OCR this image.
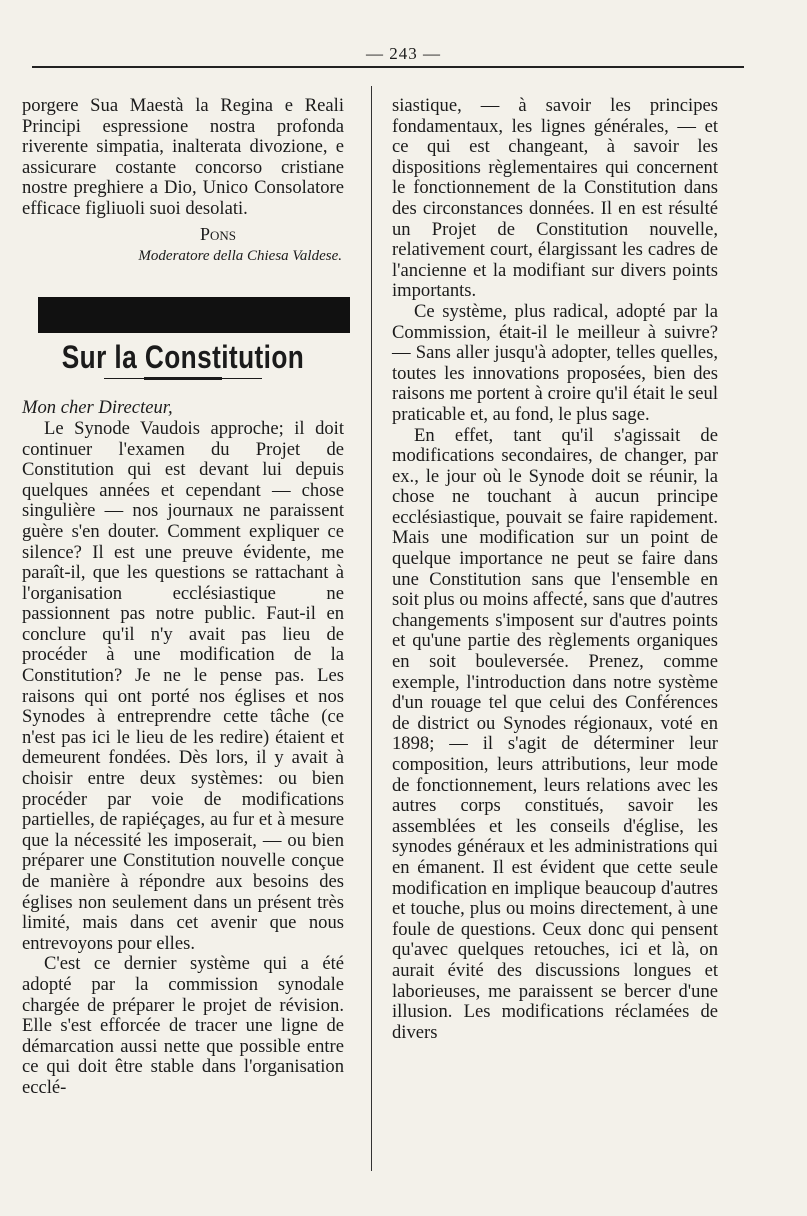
— 243 —

porgere Sua Maestà la Regina e Reali Principi espressione nostra profonda riverente simpatia, inalterata divozione, e assicurare costante concorso cristiane nostre preghiere a Dio, Unico Consolatore efficace figliuoli suoi desolati.

Pons
Moderatore della Chiesa Valdese.
Sur la Constitution

Mon cher Directeur,

Le Synode Vaudois approche; il doit continuer l'examen du Projet de Constitution qui est devant lui depuis quelques années et cependant — chose singulière — nos journaux ne paraissent guère s'en douter. Comment expliquer ce silence? Il est une preuve évidente, me paraît-il, que les questions se rattachant à l'organisation ecclésiastique ne passionnent pas notre public. Faut-il en conclure qu'il n'y avait pas lieu de procéder à une modification de la Constitution? Je ne le pense pas. Les raisons qui ont porté nos églises et nos Synodes à entreprendre cette tâche (ce n'est pas ici le lieu de les redire) étaient et demeurent fondées. Dès lors, il y avait à choisir entre deux systèmes: ou bien procéder par voie de modifications partielles, de rapiéçages, au fur et à mesure que la nécessité les imposerait, — ou bien préparer une Constitution nouvelle conçue de manière à répondre aux besoins des églises non seulement dans un présent très limité, mais dans cet avenir que nous entrevoyons pour elles.

C'est ce dernier système qui a été adopté par la commission synodale chargée de préparer le projet de révision. Elle s'est efforcée de tracer une ligne de démarcation aussi nette que possible entre ce qui doit être stable dans l'organisation ecclé-

siastique, — à savoir les principes fondamentaux, les lignes générales, — et ce qui est changeant, à savoir les dispositions règlementaires qui concernent le fonctionnement de la Constitution dans des circonstances données. Il en est résulté un Projet de Constitution nouvelle, relativement court, élargissant les cadres de l'ancienne et la modifiant sur divers points importants.

Ce système, plus radical, adopté par la Commission, était-il le meilleur à suivre? — Sans aller jusqu'à adopter, telles quelles, toutes les innovations proposées, bien des raisons me portent à croire qu'il était le seul praticable et, au fond, le plus sage.

En effet, tant qu'il s'agissait de modifications secondaires, de changer, par ex., le jour où le Synode doit se réunir, la chose ne touchant à aucun principe ecclésiastique, pouvait se faire rapidement. Mais une modification sur un point de quelque importance ne peut se faire dans une Constitution sans que l'ensemble en soit plus ou moins affecté, sans que d'autres changements s'imposent sur d'autres points et qu'une partie des règlements organiques en soit bouleversée. Prenez, comme exemple, l'introduction dans notre système d'un rouage tel que celui des Conférences de district ou Synodes régionaux, voté en 1898; — il s'agit de déterminer leur composition, leurs attributions, leur mode de fonctionnement, leurs relations avec les autres corps constitués, savoir les assemblées et les conseils d'église, les synodes généraux et les administrations qui en émanent. Il est évident que cette seule modification en implique beaucoup d'autres et touche, plus ou moins directement, à une foule de questions. Ceux donc qui pensent qu'avec quelques retouches, ici et là, on aurait évité des discussions longues et laborieuses, me paraissent se bercer d'une illusion. Les modifications réclamées de divers
